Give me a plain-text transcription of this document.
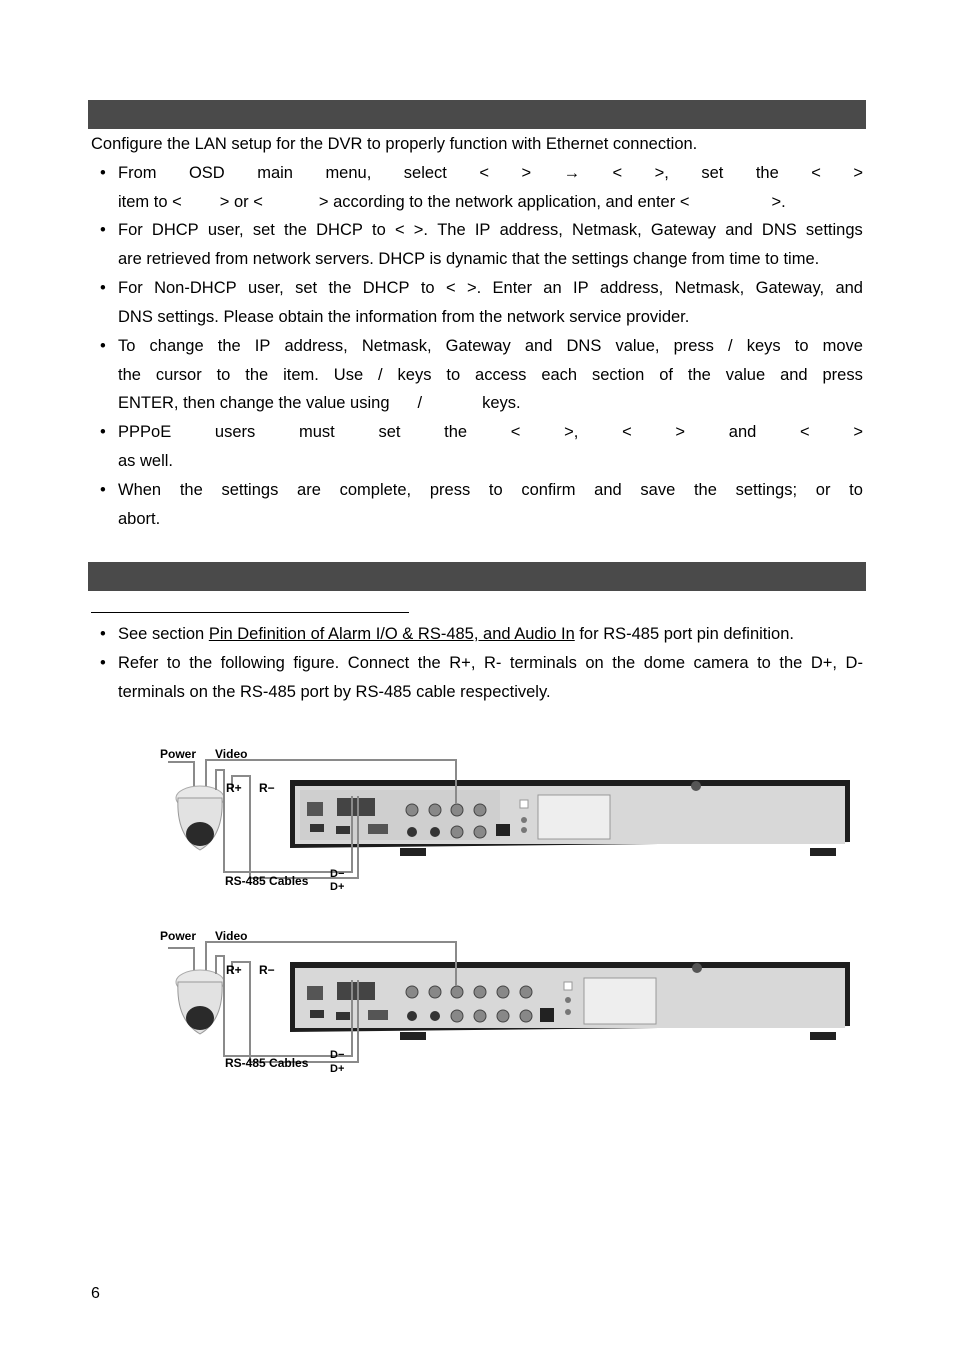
Configure the LAN setup for the DVR to properly function with Ethernet connection.
• From OSD main menu, select < > → < >, set the < >
item to < > or <	> according to the network application, and enter <	>.
• For DHCP user, set the DHCP to < >. The IP address, Netmask, Gateway and DNS settings
are retrieved from network servers. DHCP is dynamic that the settings change from time to time.
• For Non-DHCP user, set the DHCP to < >. Enter an IP address, Netmask, Gateway, and
DNS settings. Please obtain the information from the network service provider.
• To change the IP address, Netmask, Gateway and DNS value, press / keys to move
the cursor to the item. Use / keys to access each section of the value and press
ENTER, then change the value using /	keys.
• PPPoE	users	must	set	the	<	>,	<	>	and	<	>
as well.
• When the settings are complete, press to confirm and save the settings; or to
abort.
• See section Pin Definition of Alarm I/O & RS-485, and Audio In for RS-485 port pin definition.
• Refer to the following figure. Connect the R+, R- terminals on the dome camera to the D+, D-
terminals on the RS-485 port by RS-485 cable respectively.
Power Video
R+ R−
RS-485 Cables D−
D+
Power Video
R+ R−
RS-485 Cables
D−
D+
6
